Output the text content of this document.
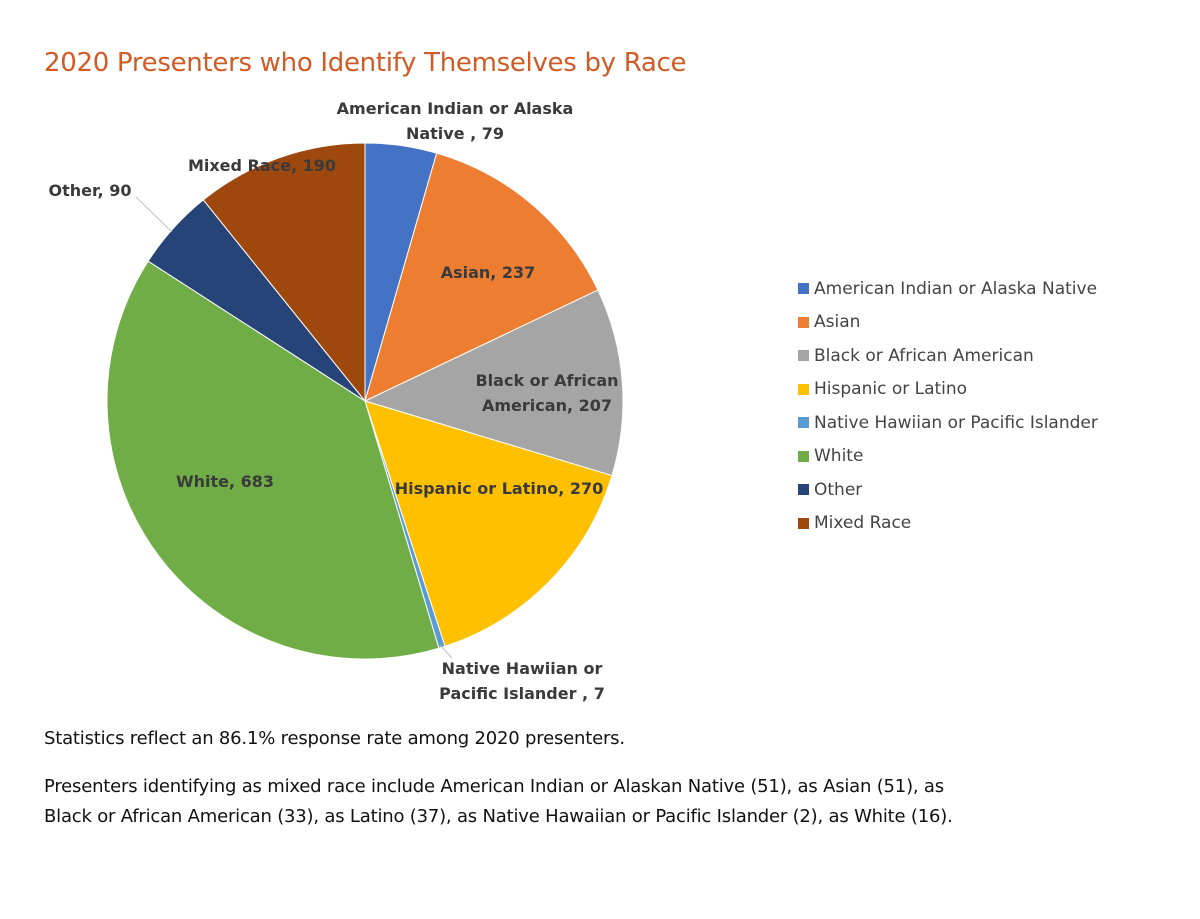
2020 Presenters who Identify Themselves by Race
American Indian or Alaska Native , 79
Asian, 237
Black or African American, 207
Hispanic or Latino, 270
Native Hawiian or Pacific Islander , 7
White, 683
Other, 90
Mixed Race, 190
American Indian or Alaska Native
Asian
Black or African American
Hispanic or Latino
Native Hawiian or Pacific Islander
White
Other
Mixed Race

Statistics reflect an 86.1% response rate among 2020 presenters.

Presenters identifying as mixed race include American Indian or Alaskan Native (51), as Asian (51), as Black or African American (33), as Latino (37), as Native Hawaiian or Pacific Islander (2), as White (16).
